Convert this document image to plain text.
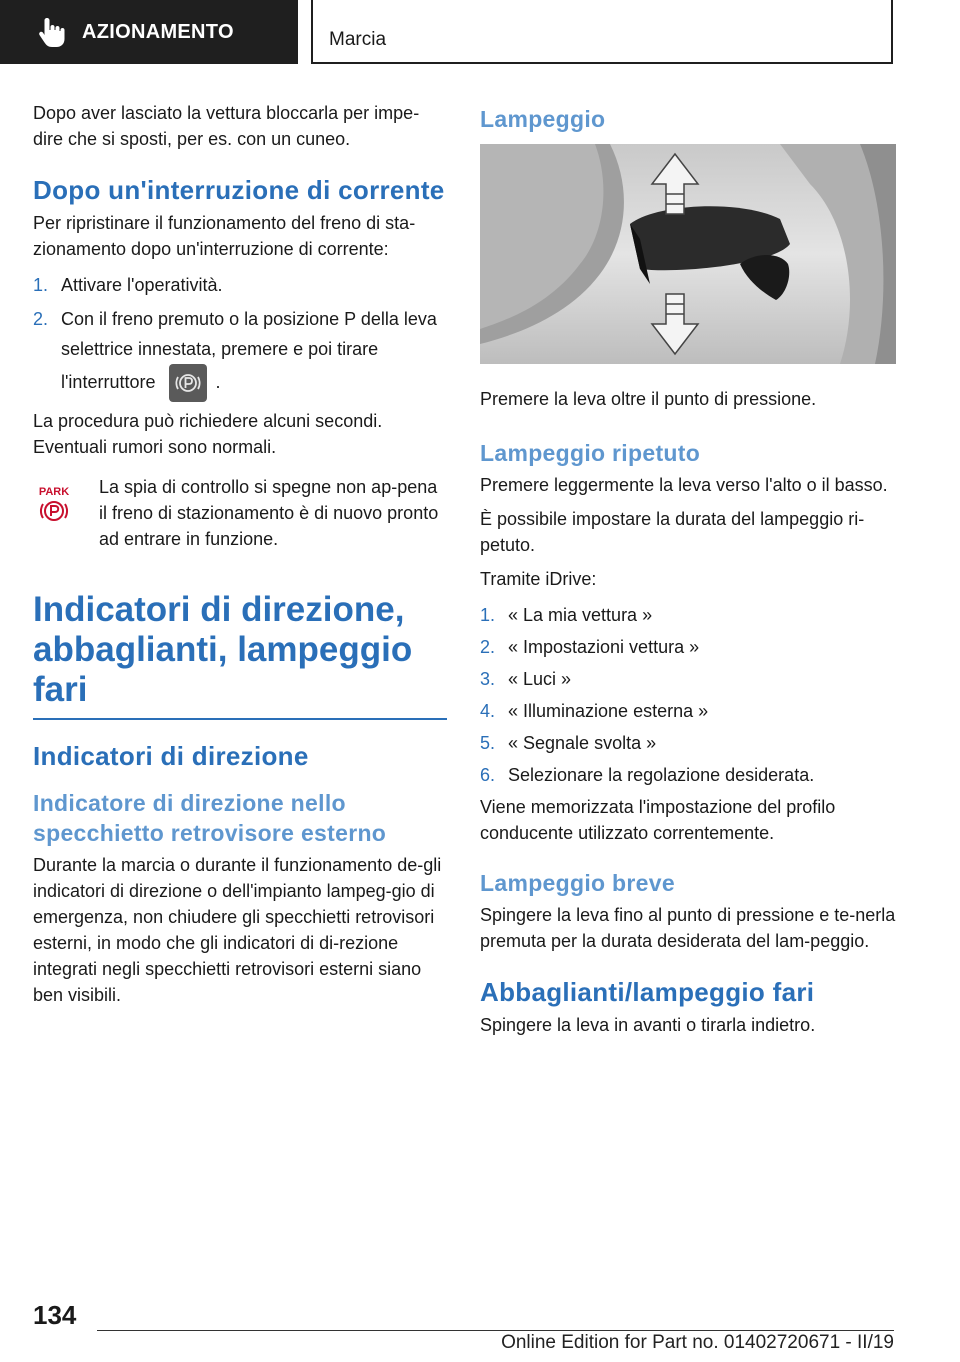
AZIONAMENTO	Marcia

Dopo aver lasciato la vettura bloccarla per impe-dire che si sposti, per es. con un cuneo.

Dopo un'interruzione di corrente

Per ripristinare il funzionamento del freno di sta-zionamento dopo un'interruzione di corrente:

1. Attivare l'operatività.
2. Con il freno premuto o la posizione P della leva selettrice innestata, premere e poi tirare l'interruttore	.

La procedura può richiedere alcuni secondi. Eventuali rumori sono normali.

PARK La spia di controllo si spegne non ap-pena il freno di stazionamento è di nuovo pronto ad entrare in funzione.

Indicatori di direzione, abbaglianti, lampeggio fari
Indicatori di direzione
Indicatore di direzione nello specchietto retrovisore esterno

Durante la marcia o durante il funzionamento de-gli indicatori di direzione o dell'impianto lampeg-gio di emergenza, non chiudere gli specchietti retrovisori esterni, in modo che gli indicatori di di-rezione integrati negli specchietti retrovisori esterni siano ben visibili.

Lampeggio

Premere la leva oltre il punto di pressione.

Lampeggio ripetuto

Premere leggermente la leva verso l'alto o il basso.

È possibile impostare la durata del lampeggio ri-petuto.

Tramite iDrive:

1. « La mia vettura »
2. « Impostazioni vettura »
3. « Luci »
4. « Illuminazione esterna »
5. « Segnale svolta »
6. Selezionare la regolazione desiderata.

Viene memorizzata l'impostazione del profilo conducente utilizzato correntemente.

Lampeggio breve

Spingere la leva fino al punto di pressione e te-nerla premuta per la durata desiderata del lam-peggio.

Abbaglianti/lampeggio fari

Spingere la leva in avanti o tirarla indietro.

134
Online Edition for Part no. 01402720671 - II/19
